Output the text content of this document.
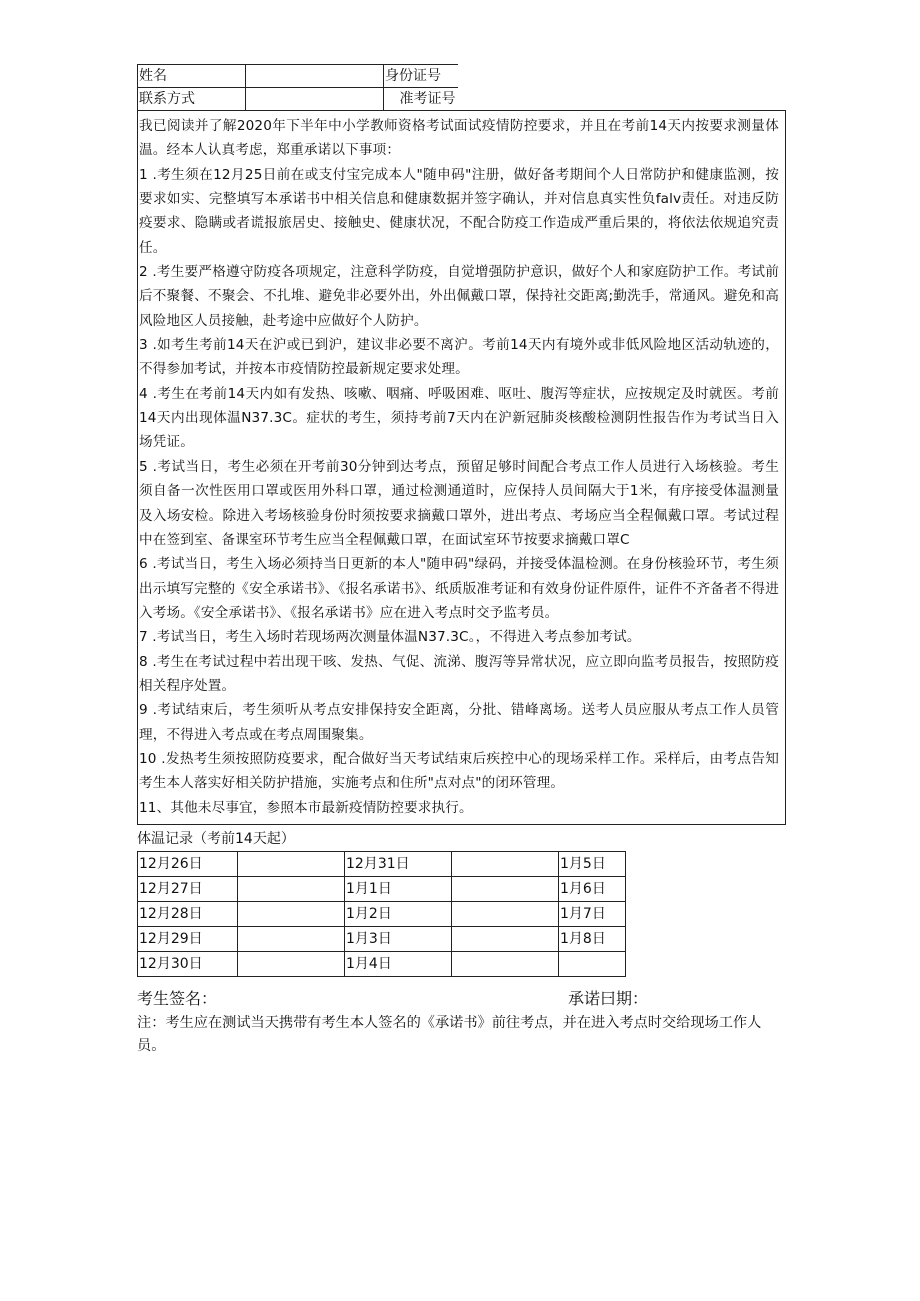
姓名		身份证号
联系方式		准考证号

我已阅读并了解2020年下半年中小学教师资格考试面试疫情防控要求，并且在考前14天内按要求测量体温。经本人认真考虑，郑重承诺以下事项：

1 .考生须在12月25日前在或支付宝完成本人"随申码"注册，做好备考期间个人日常防护和健康监测，按要求如实、完整填写本承诺书中相关信息和健康数据并签字确认，并对信息真实性负falv责任。对违反防疫要求、隐瞒或者谎报旅居史、接触史、健康状况，不配合防疫工作造成严重后果的，将依法依规追究责任。

2 .考生要严格遵守防疫各项规定，注意科学防疫，自觉增强防护意识，做好个人和家庭防护工作。考试前后不聚餐、不聚会、不扎堆、避免非必要外出，外出佩戴口罩，保持社交距离;勤洗手，常通风。避免和高风险地区人员接触，赴考途中应做好个人防护。

3 .如考生考前14天在沪或已到沪，建议非必要不离沪。考前14天内有境外或非低风险地区活动轨迹的，不得参加考试，并按本市疫情防控最新规定要求处理。

4 .考生在考前14天内如有发热、咳嗽、咽痛、呼吸困难、呕吐、腹泻等症状，应按规定及时就医。考前14天内出现体温N37.3C。症状的考生，须持考前7天内在沪新冠肺炎核酸检测阴性报告作为考试当日入场凭证。

5 .考试当日，考生必须在开考前30分钟到达考点，预留足够时间配合考点工作人员进行入场核验。考生须自备一次性医用口罩或医用外科口罩，通过检测通道时，应保持人员间隔大于1米，有序接受体温测量及入场安检。除进入考场核验身份时须按要求摘戴口罩外，进出考点、考场应当全程佩戴口罩。考试过程中在签到室、备课室环节考生应当全程佩戴口罩，在面试室环节按要求摘戴口罩C

6 .考试当日，考生入场必须持当日更新的本人"随申码"绿码，并接受体温检测。在身份核验环节，考生须出示填写完整的《安全承诺书》、《报名承诺书》、纸质版准考证和有效身份证件原件，证件不齐备者不得进入考场。《安全承诺书》、《报名承诺书》应在进入考点时交予监考员。

7 .考试当日，考生入场时若现场两次测量体温N37.3C。，不得进入考点参加考试。

8 .考生在考试过程中若出现干咳、发热、气促、流涕、腹泻等异常状况，应立即向监考员报告，按照防疫相关程序处置。

9 .考试结束后，考生须听从考点安排保持安全距离，分批、错峰离场。送考人员应服从考点工作人员管理，不得进入考点或在考点周围聚集。

10 .发热考生须按照防疫要求，配合做好当天考试结束后疾控中心的现场采样工作。采样后，由考点告知考生本人落实好相关防护措施，实施考点和住所"点对点"的闭环管理。

11、其他未尽事宜，参照本市最新疫情防控要求执行。

体温记录（考前14天起）
12月26日		12月31日		1月5日
12月27日		1月1日		1月6日
12月28日		1月2日		1月7日
12月29日		1月3日		1月8日
12月30日		1月4日		
考生签名：	承诺曰期：

注：考生应在测试当天携带有考生本人签名的《承诺书》前往考点，并在进入考点时交给现场工作人员。
